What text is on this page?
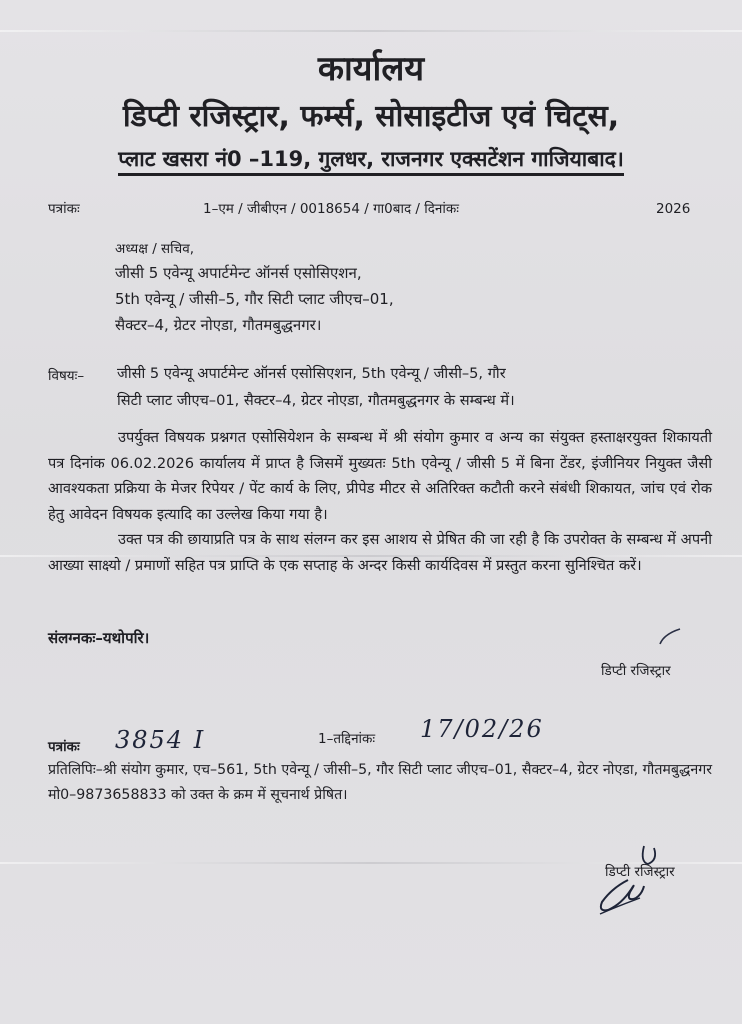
कार्यालय
डिप्टी रजिस्ट्रार, फर्म्स, सोसाइटीज एवं चिट्स,
प्लाट खसरा नं0 –119, गुलधर, राजनगर एक्सटेंशन गाजियाबाद।
पत्रांकः	1–एम / जीबीएन / 0018654 / गा0बाद / दिनांकः	2026
अध्यक्ष / सचिव,
जीसी 5 एवेन्यू अपार्टमेन्ट ऑनर्स एसोसिएशन,
5th एवेन्यू / जीसी–5, गौर सिटी प्लाट जीएच–01,
सैक्टर–4, ग्रेटर नोएडा, गौतमबुद्धनगर।
विषयः– जीसी 5 एवेन्यू अपार्टमेन्ट ऑनर्स एसोसिएशन, 5th एवेन्यू / जीसी–5, गौर
सिटी प्लाट जीएच–01, सैक्टर–4, ग्रेटर नोएडा, गौतमबुद्धनगर के सम्बन्ध में।

उपर्युक्त विषयक प्रश्नगत एसोसियेशन के सम्बन्ध में श्री संयोग कुमार व अन्य का संयुक्त हस्ताक्षरयुक्त शिकायती पत्र दिनांक 06.02.2026 कार्यालय में प्राप्त है जिसमें मुख्यतः 5th एवेन्यू / जीसी 5 में बिना टेंडर, इंजीनियर नियुक्त जैसी आवश्यकता प्रक्रिया के मेजर रिपेयर / पेंट कार्य के लिए, प्रीपेड मीटर से अतिरिक्त कटौती करने संबंधी शिकायत, जांच एवं रोक हेतु आवेदन विषयक इत्यादि का उल्लेख किया गया है।

उक्त पत्र की छायाप्रति पत्र के साथ संलग्न कर इस आशय से प्रेषित की जा रही है कि उपरोक्त के सम्बन्ध में अपनी आख्या साक्ष्यो / प्रमाणों सहित पत्र प्राप्ति के एक सप्ताह के अन्दर किसी कार्यदिवस में प्रस्तुत करना सुनिश्चित करें।

संलग्नकः–यथोपरि।
डिप्टी रजिस्ट्रार
पत्रांकः 3854 I	1–तद्दिनांकः 17/02/26
प्रतिलिपिः–श्री संयोग कुमार, एच–561, 5th एवेन्यू / जीसी–5, गौर सिटी प्लाट जीएच–01, सैक्टर–4, ग्रेटर नोएडा, गौतमबुद्धनगर मो0–9873658833 को उक्त के क्रम में सूचनार्थ प्रेषित।
डिप्टी रजिस्ट्रार
